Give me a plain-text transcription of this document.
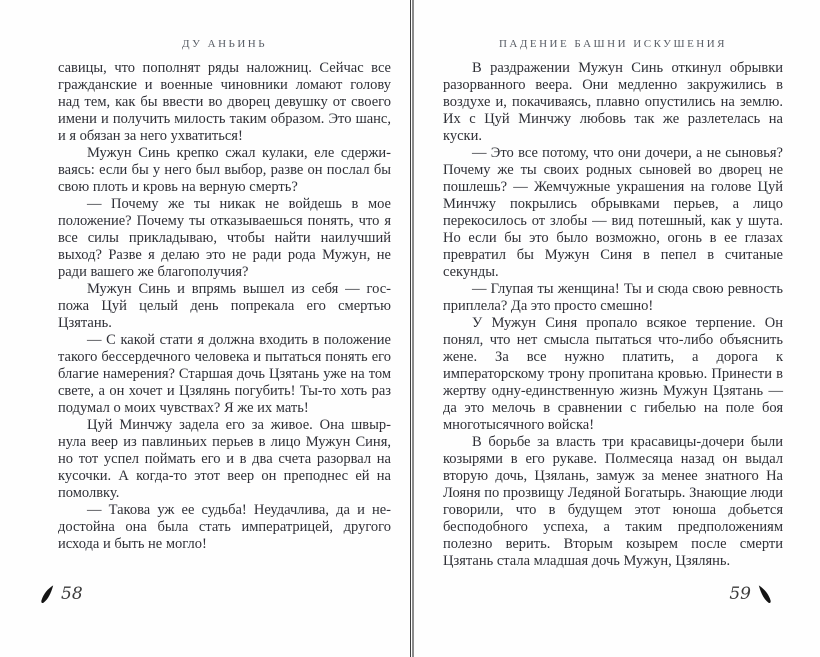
ДУ АНЬИНЬ

савицы, что пополнят ряды наложниц. Сейчас все гражданские и военные чиновники ломают голову над тем, как бы ввести во дворец девушку от своего имени и получить милость таким образом. Это шанс, и я обязан за него ухватиться!

Мужун Синь крепко сжал кулаки, еле сдерживаясь: если бы у него был выбор, разве он послал бы свою плоть и кровь на верную смерть?

— Почему же ты никак не войдешь в мое положение? Почему ты отказываешься понять, что я все силы прикладываю, чтобы найти наилучший выход? Разве я делаю это не ради рода Мужун, не ради вашего же благополучия?

Мужун Синь и впрямь вышел из себя — госпожа Цуй целый день попрекала его смертью Цзятань.

— С какой стати я должна входить в положение такого бессердечного человека и пытаться понять его благие намерения? Старшая дочь Цзятань уже на том свете, а он хочет и Цзялянь погубить! Ты-то хоть раз подумал о моих чувствах? Я же их мать!

Цуй Минчжу задела его за живое. Она швырнула веер из павлиньих перьев в лицо Мужун Синя, но тот успел поймать его и в два счета разорвал на кусочки. А когда-то этот веер он преподнес ей на помолвку.

— Такова уж ее судьба! Неудачлива, да и недостойна она была стать императрицей, другого исхода и быть не могло!

58
ПАДЕНИЕ БАШНИ ИСКУШЕНИЯ

В раздражении Мужун Синь откинул обрывки разорванного веера. Они медленно закружились в воздухе и, покачиваясь, плавно опустились на землю. Их с Цуй Минчжу любовь так же разлетелась на куски.

— Это все потому, что они дочери, а не сыновья? Почему же ты своих родных сыновей во дворец не пошлешь? — Жемчужные украшения на голове Цуй Минчжу покрылись обрывками перьев, а лицо перекосилось от злобы — вид потешный, как у шута. Но если бы это было возможно, огонь в ее глазах превратил бы Мужун Синя в пепел в считаные секунды.

— Глупая ты женщина! Ты и сюда свою ревность приплела? Да это просто смешно!

У Мужун Синя пропало всякое терпение. Он понял, что нет смысла пытаться что-либо объяснить жене. За все нужно платить, а дорога к императорскому трону пропитана кровью. Принести в жертву одну-единственную жизнь Мужун Цзятань — да это мелочь в сравнении с гибелью на поле боя многотысячного войска!

В борьбе за власть три красавицы-дочери были козырями в его рукаве. Полмесяца назад он выдал вторую дочь, Цзялань, замуж за менее знатного На Лояня по прозвищу Ледяной Богатырь. Знающие люди говорили, что в будущем этот юноша добьется бесподобного успеха, а таким предположениям полезно верить. Вторым козырем после смерти Цзятань стала младшая дочь Мужун, Цзялянь.

59
